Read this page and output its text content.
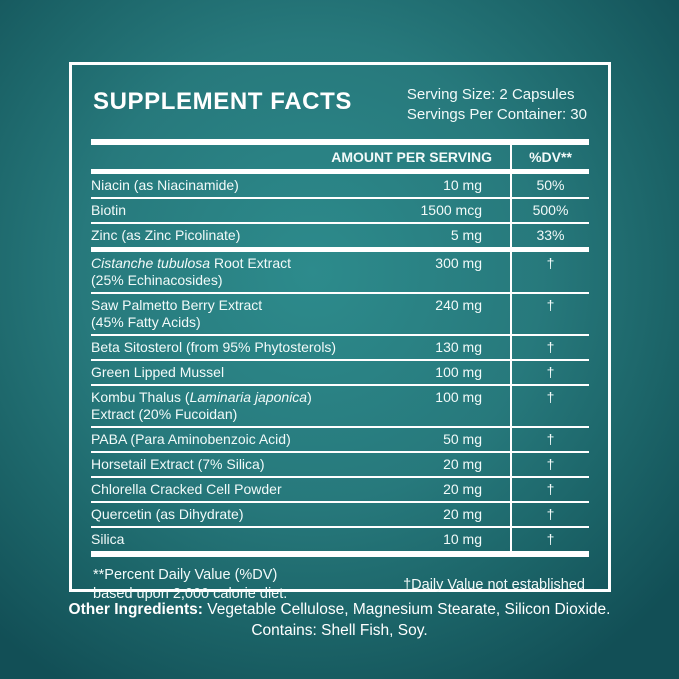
SUPPLEMENT FACTS	Serving Size: 2 Capsules
Servings Per Container: 30
AMOUNT PER SERVING	%DV**
Niacin (as Niacinamide)	10 mg	50%
Biotin	1500 mcg	500%
Zinc (as Zinc Picolinate)	5 mg	33%
Cistanche tubulosa Root Extract
(25% Echinacosides)
300 mg	†
Saw Palmetto Berry Extract
(45% Fatty Acids)
240 mg	†
Beta Sitosterol (from 95% Phytosterols)	130 mg	†
Green Lipped Mussel	100 mg	†
Kombu Thalus (Laminaria japonica)
Extract (20% Fucoidan)
100 mg	†
PABA (Para Aminobenzoic Acid)	50 mg	†
Horsetail Extract (7% Silica)	20 mg	†
Chlorella Cracked Cell Powder	20 mg	†
Quercetin (as Dihydrate)	20 mg	†
Silica	10 mg	†
**Percent Daily Value (%DV)
based upon 2,000 calorie diet.
†Daily Value not established
Other Ingredients: Vegetable Cellulose, Magnesium Stearate, Silicon Dioxide.
Contains: Shell Fish, Soy.
